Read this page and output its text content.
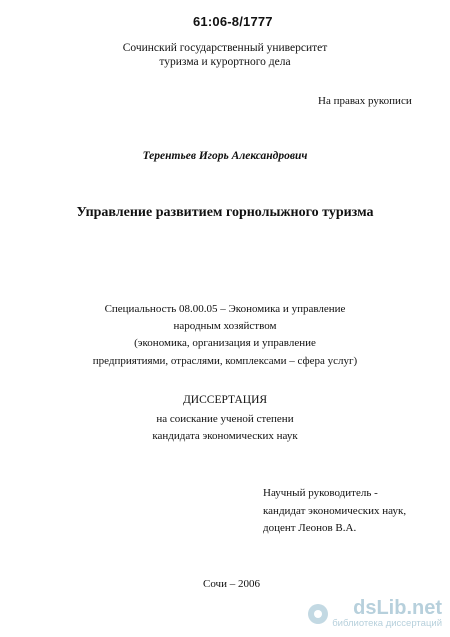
61:06-8/1777
Сочинский государственный университет
туризма и курортного дела
На правах рукописи
Терентьев Игорь Александрович
Управление развитием горнолыжного туризма
Специальность 08.00.05 – Экономика и управление
народным хозяйством
(экономика, организация и управление
предприятиями, отраслями, комплексами – сфера услуг)
ДИССЕРТАЦИЯ
на соискание ученой степени
кандидата экономических наук
Научный руководитель -
кандидат экономических наук,
доцент Леонов В.А.
Сочи – 2006
dsLib.net
библиотека диссертаций
